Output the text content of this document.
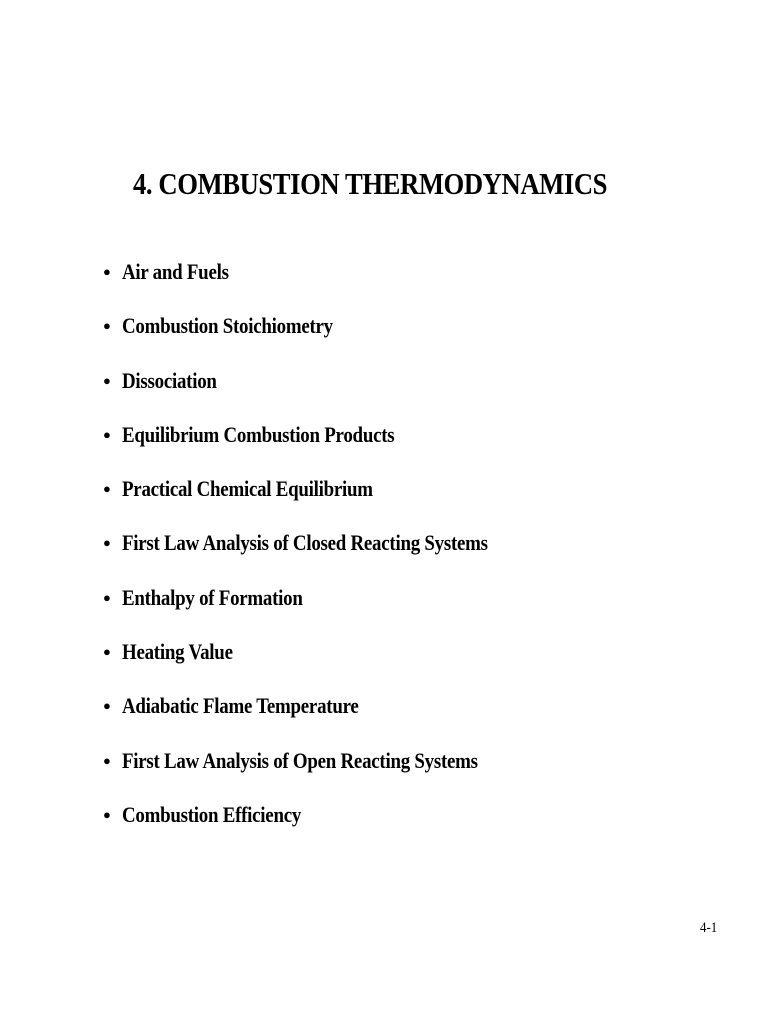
4. COMBUSTION THERMODYNAMICS
● Air and Fuels
● Combustion Stoichiometry
● Dissociation
● Equilibrium Combustion Products
● Practical Chemical Equilibrium
● First Law Analysis of Closed Reacting Systems
● Enthalpy of Formation
● Heating Value
● Adiabatic Flame Temperature
● First Law Analysis of Open Reacting Systems
● Combustion Efficiency
4-1
